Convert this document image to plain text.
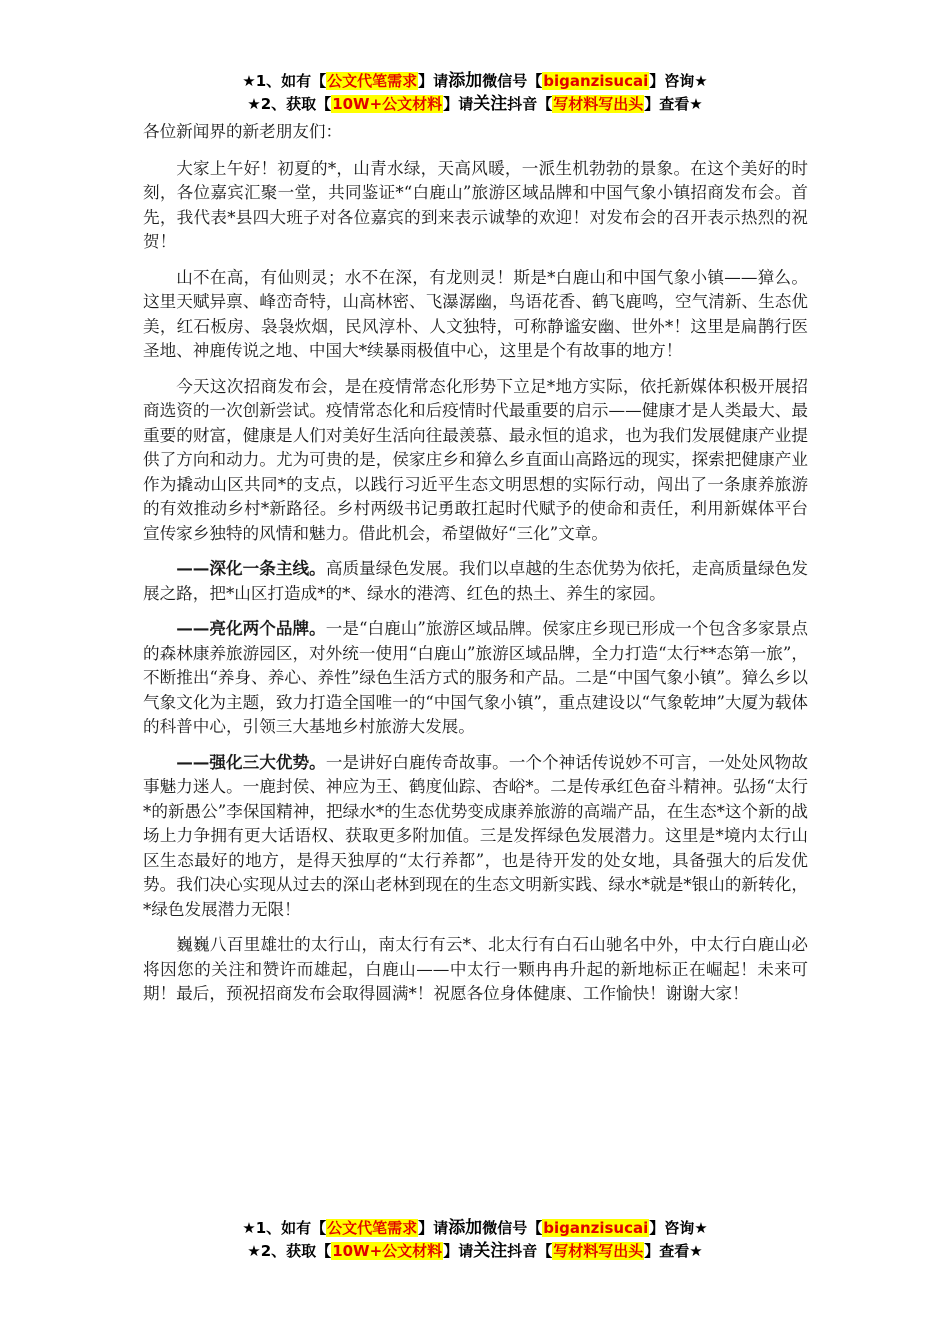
★1、如有【公文代笔需求】请添加微信号【biganzisucai】咨询★
★2、获取【10W+公文材料】请关注抖音【写材料写出头】查看★

各位新闻界的新老朋友们：

大家上午好！初夏的*，山青水绿，天高风暖，一派生机勃勃的景象。在这个美好的时刻，各位嘉宾汇聚一堂，共同鉴证*“白鹿山”旅游区域品牌和中国气象小镇招商发布会。首先，我代表*县四大班子对各位嘉宾的到来表示诚挚的欢迎！对发布会的召开表示热烈的祝贺！

山不在高，有仙则灵；水不在深，有龙则灵！斯是*白鹿山和中国气象小镇——獐么。这里天赋异禀、峰峦奇特，山高林密、飞瀑潺幽，鸟语花香、鹤飞鹿鸣，空气清新、生态优美，红石板房、袅袅炊烟，民风淳朴、人文独特，可称静谧安幽、世外*！这里是扁鹊行医圣地、神鹿传说之地、中国大*续暴雨极值中心，这里是个有故事的地方！

今天这次招商发布会，是在疫情常态化形势下立足*地方实际，依托新媒体积极开展招商选资的一次创新尝试。疫情常态化和后疫情时代最重要的启示——健康才是人类最大、最重要的财富，健康是人们对美好生活向往最羡慕、最永恒的追求，也为我们发展健康产业提供了方向和动力。尤为可贵的是，侯家庄乡和獐么乡直面山高路远的现实，探索把健康产业作为撬动山区共同*的支点，以践行习近平生态文明思想的实际行动，闯出了一条康养旅游的有效推动乡村*新路径。乡村两级书记勇敢扛起时代赋予的使命和责任，利用新媒体平台宣传家乡独特的风情和魅力。借此机会，希望做好“三化”文章。

——深化一条主线。高质量绿色发展。我们以卓越的生态优势为依托，走高质量绿色发展之路，把*山区打造成*的*、绿水的港湾、红色的热土、养生的家园。

——亮化两个品牌。一是“白鹿山”旅游区域品牌。侯家庄乡现已形成一个包含多家景点的森林康养旅游园区，对外统一使用“白鹿山”旅游区域品牌，全力打造“太行**态第一旅”，不断推出“养身、养心、养性”绿色生活方式的服务和产品。二是“中国气象小镇”。獐么乡以气象文化为主题，致力打造全国唯一的“中国气象小镇”，重点建设以“气象乾坤”大厦为载体的科普中心，引领三大基地乡村旅游大发展。

——强化三大优势。一是讲好白鹿传奇故事。一个个神话传说妙不可言，一处处风物故事魅力迷人。一鹿封侯、神应为王、鹤度仙踪、杏峪*。二是传承红色奋斗精神。弘扬“太行*的新愚公”李保国精神，把绿水*的生态优势变成康养旅游的高端产品，在生态*这个新的战场上力争拥有更大话语权、获取更多附加值。三是发挥绿色发展潜力。这里是*境内太行山区生态最好的地方，是得天独厚的“太行养都”，也是待开发的处女地，具备强大的后发优势。我们决心实现从过去的深山老林到现在的生态文明新实践、绿水*就是*银山的新转化，*绿色发展潜力无限！

巍巍八百里雄壮的太行山，南太行有云*、北太行有白石山驰名中外，中太行白鹿山必将因您的关注和赞许而雄起，白鹿山——中太行一颗冉冉升起的新地标正在崛起！未来可期！最后，预祝招商发布会取得圆满*！祝愿各位身体健康、工作愉快！谢谢大家！

★1、如有【公文代笔需求】请添加微信号【biganzisucai】咨询★
★2、获取【10W+公文材料】请关注抖音【写材料写出头】查看★
